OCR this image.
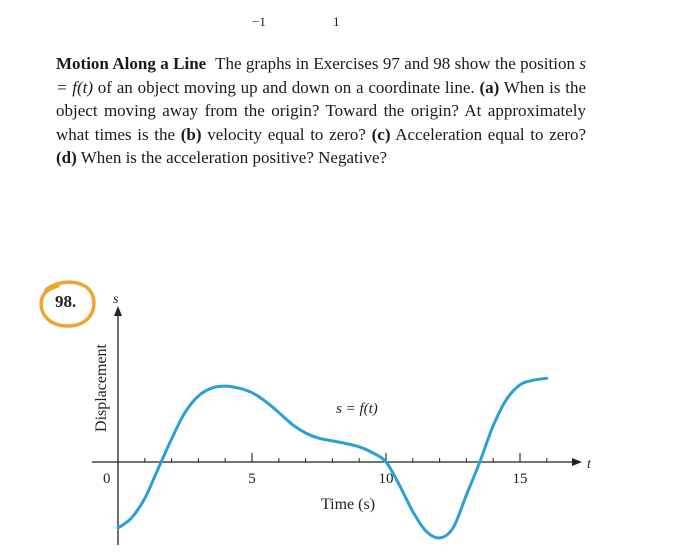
−1	1
Motion Along a Line The graphs in Exercises 97 and 98 show the position s = f(t) of an object moving up and down on a coordinate line. (a) When is the object moving away from the origin? Toward the origin? At approximately what times is the (b) velocity equal to zero? (c) Acceleration equal to zero? (d) When is the acceleration positive? Negative?
98.	s
t
Displacement
0	5	10	15
s = f(t)
Time (s)
